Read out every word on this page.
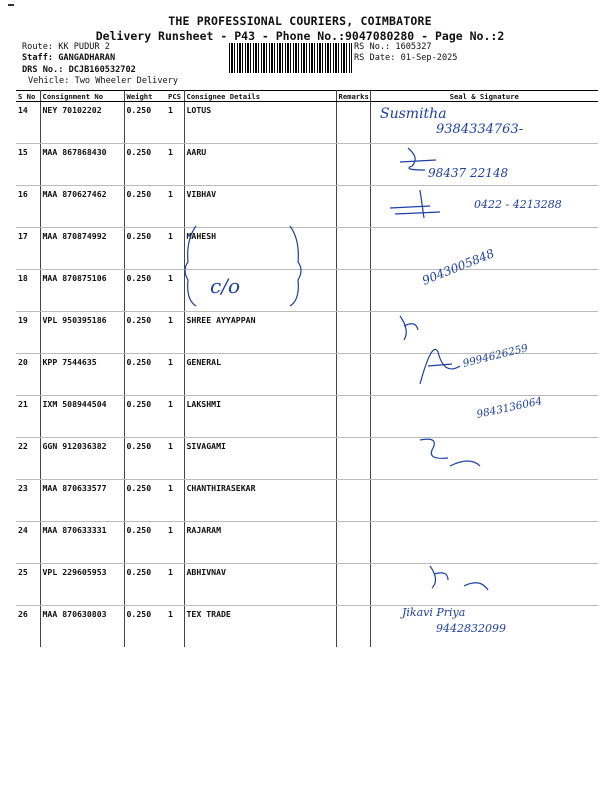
THE PROFESSIONAL COURIERS, COIMBATORE
Delivery Runsheet - P43 - Phone No.:9047080280 - Page No.:2
Route: KK PUDUR 2
Staff: GANGADHARAN
DRS No.: DCJB160532702
Vehicle: Two Wheeler Delivery
RS No.: 1605327
RS Date: 01-Sep-2025
S No	Consignment No	Weight	PCS	Consignee Details	Remarks	Seal & Signature
14	NEY 70102202	0.250	1	LOTUS		
15	MAA 867868430	0.250	1	AARU		
16	MAA 870627462	0.250	1	VIBHAV		
17	MAA 870874992	0.250	1	MAHESH		
18	MAA 870875106	0.250	1			
19	VPL 950395186	0.250	1	SHREE AYYAPPAN		
20	KPP 7544635	0.250	1	GENERAL		
21	IXM 508944504	0.250	1	LAKSHMI		
22	GGN 912036382	0.250	1	SIVAGAMI		
23	MAA 870633577	0.250	1	CHANTHIRASEKAR		
24	MAA 870633331	0.250	1	RAJARAM		
25	VPL 229605953	0.250	1	ABHIVNAV		
26	MAA 870630803	0.250	1	TEX TRADE		
Susmitha
9384334763-
98437 22148
0422 - 4213288
9043005848
c/o
9994626259
9843136064
Jikavi Priya
9442832099
